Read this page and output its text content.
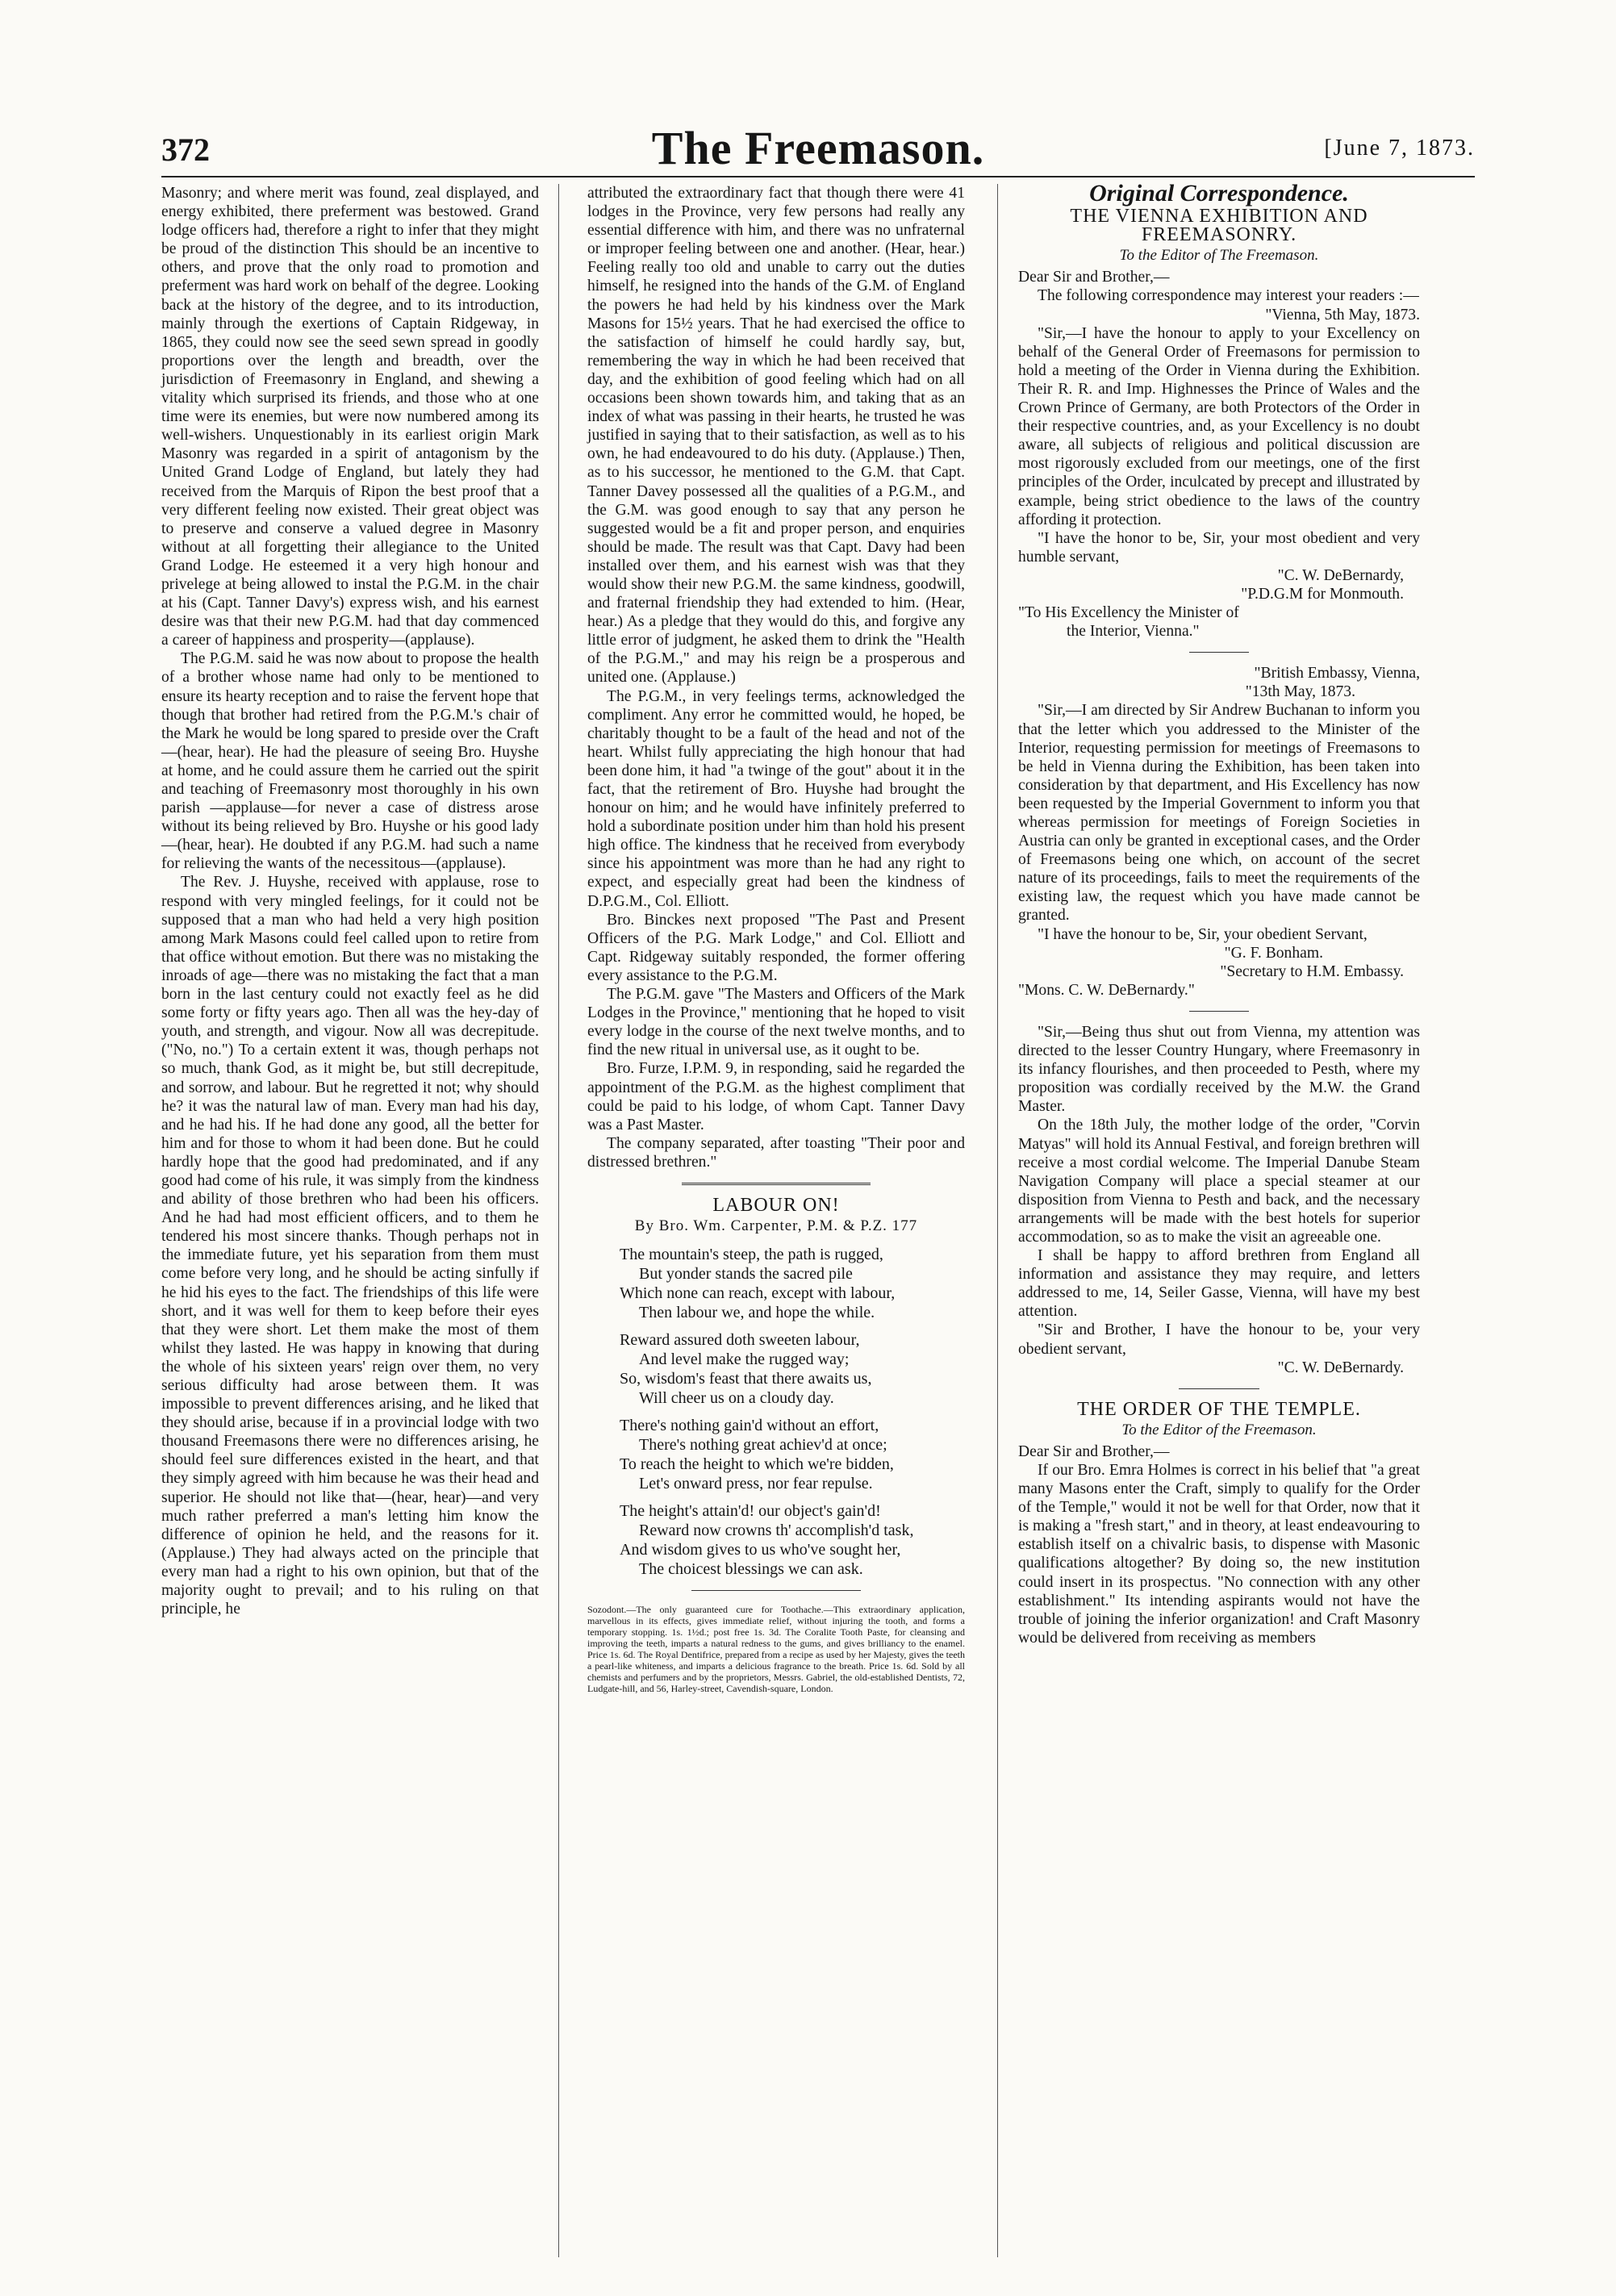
372	The Freemason.	[June 7, 1873.

Masonry; and where merit was found, zeal displayed, and energy exhibited, there preferment was bestowed. Grand lodge officers had, therefore a right to infer that they might be proud of the distinction This should be an incentive to others, and prove that the only road to promotion and preferment was hard work on behalf of the degree. Looking back at the history of the degree, and to its introduction, mainly through the exertions of Captain Ridgeway, in 1865, they could now see the seed sewn spread in goodly proportions over the length and breadth, over the jurisdiction of Freemasonry in England, and shewing a vitality which surprised its friends, and those who at one time were its enemies, but were now numbered among its well-wishers. Unquestionably in its earliest origin Mark Masonry was regarded in a spirit of antagonism by the United Grand Lodge of England, but lately they had received from the Marquis of Ripon the best proof that a very different feeling now existed. Their great object was to preserve and conserve a valued degree in Masonry without at all forgetting their allegiance to the United Grand Lodge. He esteemed it a very high honour and privelege at being allowed to instal the P.G.M. in the chair at his (Capt. Tanner Davy's) express wish, and his earnest desire was that their new P.G.M. had that day commenced a career of happiness and prosperity—(applause).

The P.G.M. said he was now about to propose the health of a brother whose name had only to be mentioned to ensure its hearty reception and to raise the fervent hope that though that brother had retired from the P.G.M.'s chair of the Mark he would be long spared to preside over the Craft—(hear, hear). He had the pleasure of seeing Bro. Huyshe at home, and he could assure them he carried out the spirit and teaching of Freemasonry most thoroughly in his own parish —applause—for never a case of distress arose without its being relieved by Bro. Huyshe or his good lady—(hear, hear). He doubted if any P.G.M. had such a name for relieving the wants of the necessitous—(applause).

The Rev. J. Huyshe, received with applause, rose to respond with very mingled feelings, for it could not be supposed that a man who had held a very high position among Mark Masons could feel called upon to retire from that office without emotion. But there was no mistaking the inroads of age—there was no mistaking the fact that a man born in the last century could not exactly feel as he did some forty or fifty years ago. Then all was the hey-day of youth, and strength, and vigour. Now all was decrepitude. ("No, no.") To a certain extent it was, though perhaps not so much, thank God, as it might be, but still decrepitude, and sorrow, and labour. But he regretted it not; why should he? it was the natural law of man. Every man had his day, and he had his. If he had done any good, all the better for him and for those to whom it had been done. But he could hardly hope that the good had predominated, and if any good had come of his rule, it was simply from the kindness and ability of those brethren who had been his officers. And he had had most efficient officers, and to them he tendered his most sincere thanks. Though perhaps not in the immediate future, yet his separation from them must come before very long, and he should be acting sinfully if he hid his eyes to the fact. The friendships of this life were short, and it was well for them to keep before their eyes that they were short. Let them make the most of them whilst they lasted. He was happy in knowing that during the whole of his sixteen years' reign over them, no very serious difficulty had arose between them. It was impossible to prevent differences arising, and he liked that they should arise, because if in a provincial lodge with two thousand Freemasons there were no differences arising, he should feel sure differences existed in the heart, and that they simply agreed with him because he was their head and superior. He should not like that—(hear, hear)—and very much rather preferred a man's letting him know the difference of opinion he held, and the reasons for it. (Applause.) They had always acted on the principle that every man had a right to his own opinion, but that of the majority ought to prevail; and to his ruling on that principle, he

attributed the extraordinary fact that though there were 41 lodges in the Province, very few persons had really any essential difference with him, and there was no unfraternal or improper feeling between one and another. (Hear, hear.) Feeling really too old and unable to carry out the duties himself, he resigned into the hands of the G.M. of England the powers he had held by his kindness over the Mark Masons for 15½ years. That he had exercised the office to the satisfaction of himself he could hardly say, but, remembering the way in which he had been received that day, and the exhibition of good feeling which had on all occasions been shown towards him, and taking that as an index of what was passing in their hearts, he trusted he was justified in saying that to their satisfaction, as well as to his own, he had endeavoured to do his duty. (Applause.) Then, as to his successor, he mentioned to the G.M. that Capt. Tanner Davey possessed all the qualities of a P.G.M., and the G.M. was good enough to say that any person he suggested would be a fit and proper person, and enquiries should be made. The result was that Capt. Davy had been installed over them, and his earnest wish was that they would show their new P.G.M. the same kindness, goodwill, and fraternal friendship they had extended to him. (Hear, hear.) As a pledge that they would do this, and forgive any little error of judgment, he asked them to drink the "Health of the P.G.M.," and may his reign be a prosperous and united one. (Applause.)

The P.G.M., in very feelings terms, acknowledged the compliment. Any error he committed would, he hoped, be charitably thought to be a fault of the head and not of the heart. Whilst fully appreciating the high honour that had been done him, it had "a twinge of the gout" about it in the fact, that the retirement of Bro. Huyshe had brought the honour on him; and he would have infinitely preferred to hold a subordinate position under him than hold his present high office. The kindness that he received from everybody since his appointment was more than he had any right to expect, and especially great had been the kindness of D.P.G.M., Col. Elliott.

Bro. Binckes next proposed "The Past and Present Officers of the P.G. Mark Lodge," and Col. Elliott and Capt. Ridgeway suitably responded, the former offering every assistance to the P.G.M.

The P.G.M. gave "The Masters and Officers of the Mark Lodges in the Province," mentioning that he hoped to visit every lodge in the course of the next twelve months, and to find the new ritual in universal use, as it ought to be.

Bro. Furze, I.P.M. 9, in responding, said he regarded the appointment of the P.G.M. as the highest compliment that could be paid to his lodge, of whom Capt. Tanner Davy was a Past Master.

The company separated, after toasting "Their poor and distressed brethren."

LABOUR ON!
By Bro. Wm. Carpenter, P.M. & P.Z. 177
The mountain's steep, the path is rugged,
But yonder stands the sacred pile
Which none can reach, except with labour,
Then labour we, and hope the while.
Reward assured doth sweeten labour,
And level make the rugged way;
So, wisdom's feast that there awaits us,
Will cheer us on a cloudy day.
There's nothing gain'd without an effort,
There's nothing great achiev'd at once;
To reach the height to which we're bidden,
Let's onward press, nor fear repulse.
The height's attain'd! our object's gain'd!
Reward now crowns th' accomplish'd task,
And wisdom gives to us who've sought her,
The choicest blessings we can ask.
Sozodont.—The only guaranteed cure for Toothache.—This extraordinary application, marvellous in its effects, gives immediate relief, without injuring the tooth, and forms a temporary stopping. 1s. 1½d.; post free 1s. 3d. The Coralite Tooth Paste, for cleansing and improving the teeth, imparts a natural redness to the gums, and gives brilliancy to the enamel. Price 1s. 6d. The Royal Dentifrice, prepared from a recipe as used by her Majesty, gives the teeth a pearl-like whiteness, and imparts a delicious fragrance to the breath. Price 1s. 6d. Sold by all chemists and perfumers and by the proprietors, Messrs. Gabriel, the old-established Dentists, 72, Ludgate-hill, and 56, Harley-street, Cavendish-square, London.
Original Correspondence.
THE VIENNA EXHIBITION AND FREEMASONRY.
To the Editor of The Freemason.

Dear Sir and Brother,—

The following correspondence may interest your readers :—

"Vienna, 5th May, 1873.

"Sir,—I have the honour to apply to your Excellency on behalf of the General Order of Freemasons for permission to hold a meeting of the Order in Vienna during the Exhibition. Their R. R. and Imp. Highnesses the Prince of Wales and the Crown Prince of Germany, are both Protectors of the Order in their respective countries, and, as your Excellency is no doubt aware, all subjects of religious and political discussion are most rigorously excluded from our meetings, one of the first principles of the Order, inculcated by precept and illustrated by example, being strict obedience to the laws of the country affording it protection.

"I have the honor to be, Sir, your most obedient and very humble servant,

"C. W. DeBernardy,
"P.D.G.M for Monmouth.
"To His Excellency the Minister of
the Interior, Vienna."
"British Embassy, Vienna,
"13th May, 1873.

"Sir,—I am directed by Sir Andrew Buchanan to inform you that the letter which you addressed to the Minister of the Interior, requesting permission for meetings of Freemasons to be held in Vienna during the Exhibition, has been taken into consideration by that department, and His Excellency has now been requested by the Imperial Government to inform you that whereas permission for meetings of Foreign Societies in Austria can only be granted in exceptional cases, and the Order of Freemasons being one which, on account of the secret nature of its proceedings, fails to meet the requirements of the existing law, the request which you have made cannot be granted.

"I have the honour to be, Sir, your obedient Servant,

"G. F. Bonham.
"Secretary to H.M. Embassy.
"Mons. C. W. DeBernardy."

"Sir,—Being thus shut out from Vienna, my attention was directed to the lesser Country Hungary, where Freemasonry in its infancy flourishes, and then proceeded to Pesth, where my proposition was cordially received by the M.W. the Grand Master.

On the 18th July, the mother lodge of the order, "Corvin Matyas" will hold its Annual Festival, and foreign brethren will receive a most cordial welcome. The Imperial Danube Steam Navigation Company will place a special steamer at our disposition from Vienna to Pesth and back, and the necessary arrangements will be made with the best hotels for superior accommodation, so as to make the visit an agreeable one.

I shall be happy to afford brethren from England all information and assistance they may require, and letters addressed to me, 14, Seiler Gasse, Vienna, will have my best attention.

"Sir and Brother, I have the honour to be, your very obedient servant,

"C. W. DeBernardy.
THE ORDER OF THE TEMPLE.
To the Editor of the Freemason.

Dear Sir and Brother,—

If our Bro. Emra Holmes is correct in his belief that "a great many Masons enter the Craft, simply to qualify for the Order of the Temple," would it not be well for that Order, now that it is making a "fresh start," and in theory, at least endeavouring to establish itself on a chivalric basis, to dispense with Masonic qualifications altogether? By doing so, the new institution could insert in its prospectus. "No connection with any other establishment." Its intending aspirants would not have the trouble of joining the inferior organization! and Craft Masonry would be delivered from receiving as members
